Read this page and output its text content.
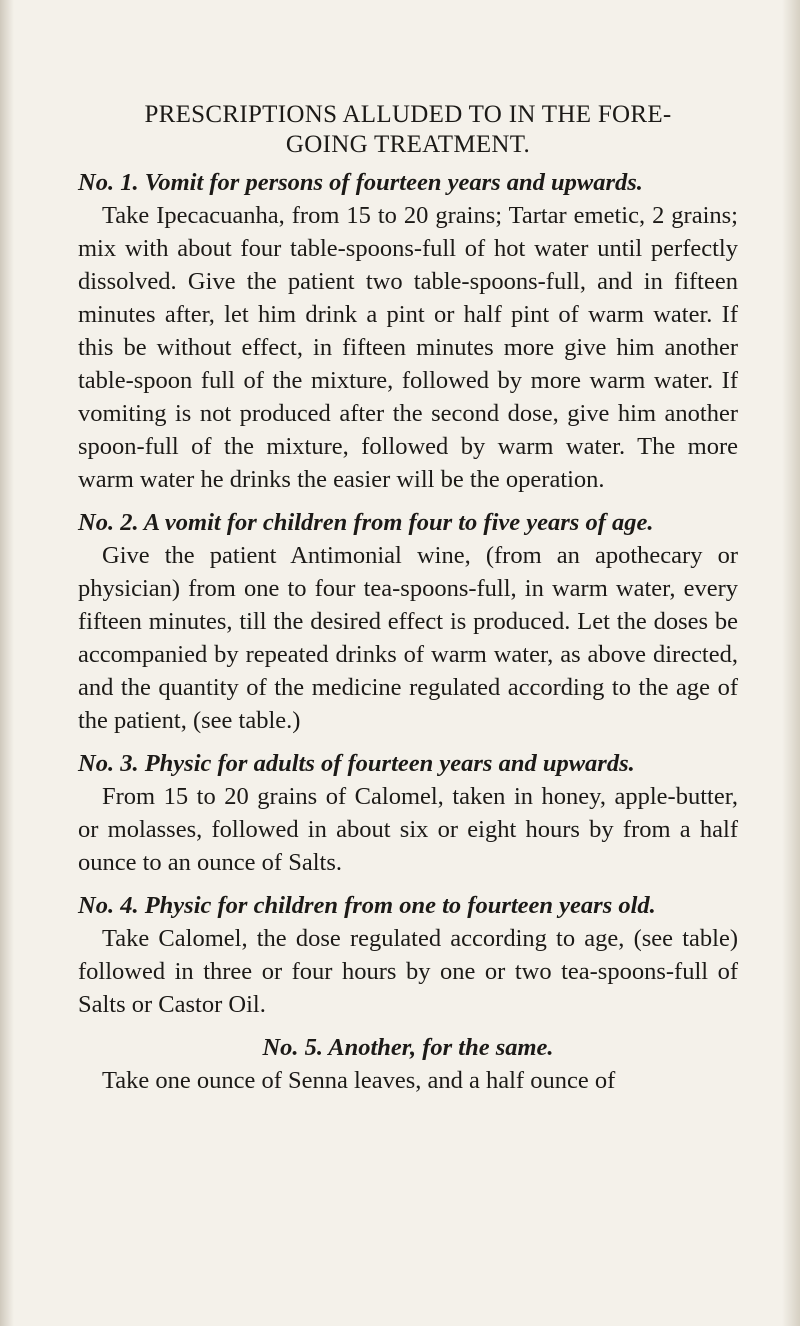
PRESCRIPTIONS ALLUDED TO IN THE FORE-
GOING TREATMENT.

No. 1. Vomit for persons of fourteen years and upwards.

Take Ipecacuanha, from 15 to 20 grains; Tartar emetic, 2 grains; mix with about four table-spoons-full of hot water until perfectly dissolved. Give the patient two table-spoons-full, and in fifteen minutes after, let him drink a pint or half pint of warm water. If this be without effect, in fifteen minutes more give him another table-spoon full of the mixture, followed by more warm water. If vomiting is not produced after the second dose, give him another spoon-full of the mixture, followed by warm water. The more warm water he drinks the easier will be the operation.

No. 2. A vomit for children from four to five years of age.

Give the patient Antimonial wine, (from an apothecary or physician) from one to four tea-spoons-full, in warm water, every fifteen minutes, till the desired effect is produced. Let the doses be accompanied by repeated drinks of warm water, as above directed, and the quantity of the medicine regulated according to the age of the patient, (see table.)

No. 3. Physic for adults of fourteen years and upwards.

From 15 to 20 grains of Calomel, taken in honey, apple-butter, or molasses, followed in about six or eight hours by from a half ounce to an ounce of Salts.

No. 4. Physic for children from one to fourteen years old.

Take Calomel, the dose regulated according to age, (see table) followed in three or four hours by one or two tea-spoons-full of Salts or Castor Oil.

No. 5. Another, for the same.

Take one ounce of Senna leaves, and a half ounce of
